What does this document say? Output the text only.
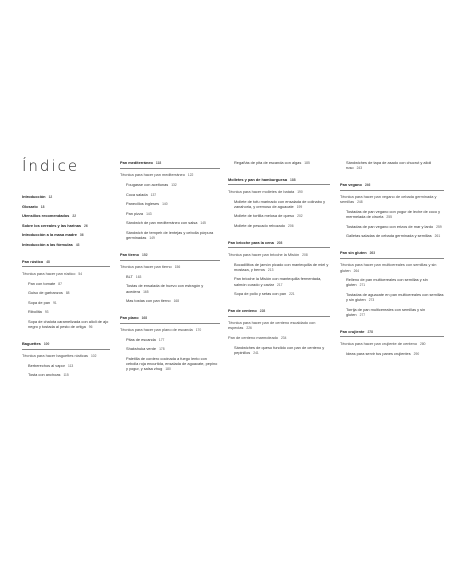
Índice
Introducción 12
Glosario 18
Utensilios recomendados 22
Sobre los cereales y las harinas 26
Introducción a la masa madre 36
Introducción a las fórmulas 43
Pan rústico 48
Técnica para hacer pan rústico 54
Pan con tomate 87
Guiso de garbanzos 88
Sopa de pan 91
Ribollita 93
Sopa de chalota caramelizada con alioli de ajo negro y tostada al pesto de ortiga 96
Baguettes 100
Técnica para hacer baguettes rústicas 102
Berberechos al vapor 113
Tosta con anchoas 115
Pan mediterráneo 118
Técnica para hacer pan mediterráneo 122
Fougasse con aceitunas 132
Coca salada 137
Panecillos ingleses 140
Pan pizza 143
Sándwich de pan mediterráneo con salsa 145
Sándwich de tempeh de lentejas y cebolla púrpura germinadas 149
Pan tierno 152
Técnica para hacer pan tierno 156
BLT 163
Tostas de ensalada de huevo con estragón y acedera 165
Mas tostas con pan tierno 168
Pan plano 168
Técnica para hacer pan plano de escanda 170
Pitas de escanda 177
Shakshuka verde 178
Paletilla de cordero cocinada a fuego lento con cebolla roja encurtida, ensalada de aguacate, pepino y yogur, y salsa zhug 180
Regañás de pita de escanda con algas 185
Molletes y pan de hamburguesa 188
Técnica para hacer molletes de batata 190
Mollete de tofu marinado con ensalada de colinabo y zanahoria, y cremoso de aguacate 199
Mollete de tortilla melosa de queso 202
Mollete de pescado rebozado 206
Pan brioche para la cena 208
Técnica para hacer pan brioche la Misión 208
Bocadillitos de jamón picado con mantequilla de miel y mostaza, y berros 213
Pan brioche la Misión con mantequilla fermentada, salmón curado y caviar 217
Sopa de pollo y setas con pan 221
Pan de centeno 228
Técnica para hacer pan de centeno escaldado con especias 226
Pan de centeno marmoleado 234
Sándwiches de queso fundido con pan de centeno y pepinillos 241
Sándwiches de tapa de asado con chucrut y alioli ruso 243
Pan vegano 246
Técnica para hacer pan vegano de cebada germinada y semillas 248
Tostadas de pan vegano con yogur de leche de coco y mermelada de ciruela 255
Tostadas de pan vegano con erizos de mar y lardo 259
Galletas saladas de cebada germinada y semillas 261
Pan sin gluten 263
Técnica para hacer pan multicereales con semillas y sin gluten 264
Relleno de pan multicereales con semillas y sin gluten 271
Tostadas de aguacate en pan multicereales con semillas y sin gluten 273
Torrija de pan multicereales con semillas y sin gluten 277
Pan crujiente 278
Técnica para hacer pan crujiente de centeno 280
Ideas para servir tus panes crujientes 290
